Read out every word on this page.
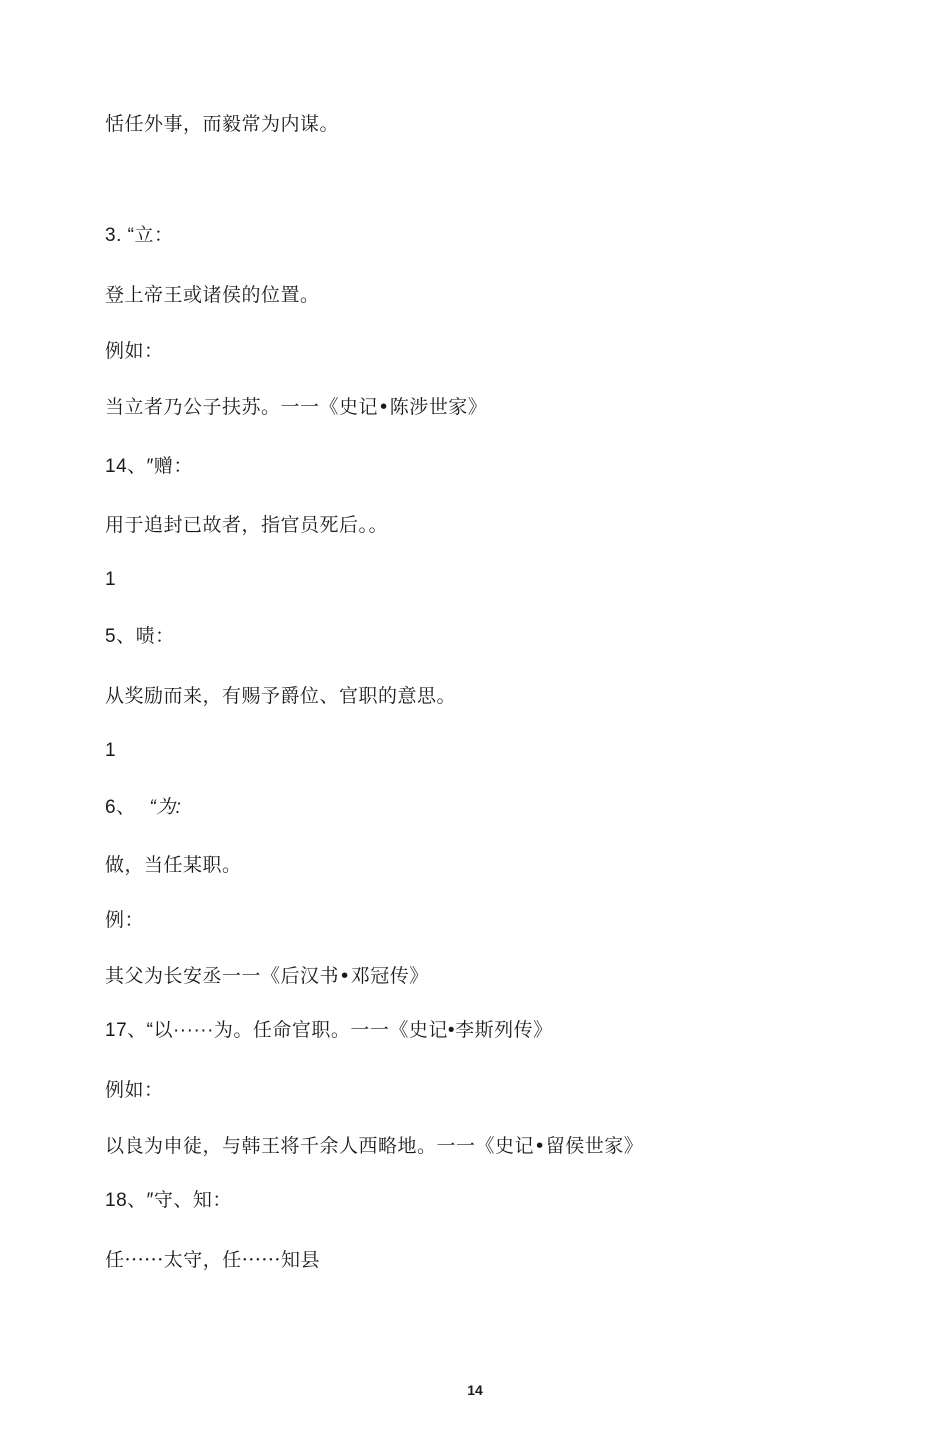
恬任外事，而毅常为内谋。
3. “立：
登上帝王或诸侯的位置。
例如：
当立者乃公子扶苏。一一《史记•陈涉世家》
14、″赠：
用于追封已故者，指官员死后。。
1
5、啧：
从奖励而来，有赐予爵位、官职的意思。
1
6、 “为:
做，当任某职。
例：
其父为长安丞一一《后汉书•邓冠传》
17、“以······为。任命官职。一一《史记•李斯列传》
例如：
以良为申徒，与韩王将千余人西略地。一一《史记•留侯世家》
18、″守、知：
任······太守，任······知县
14
